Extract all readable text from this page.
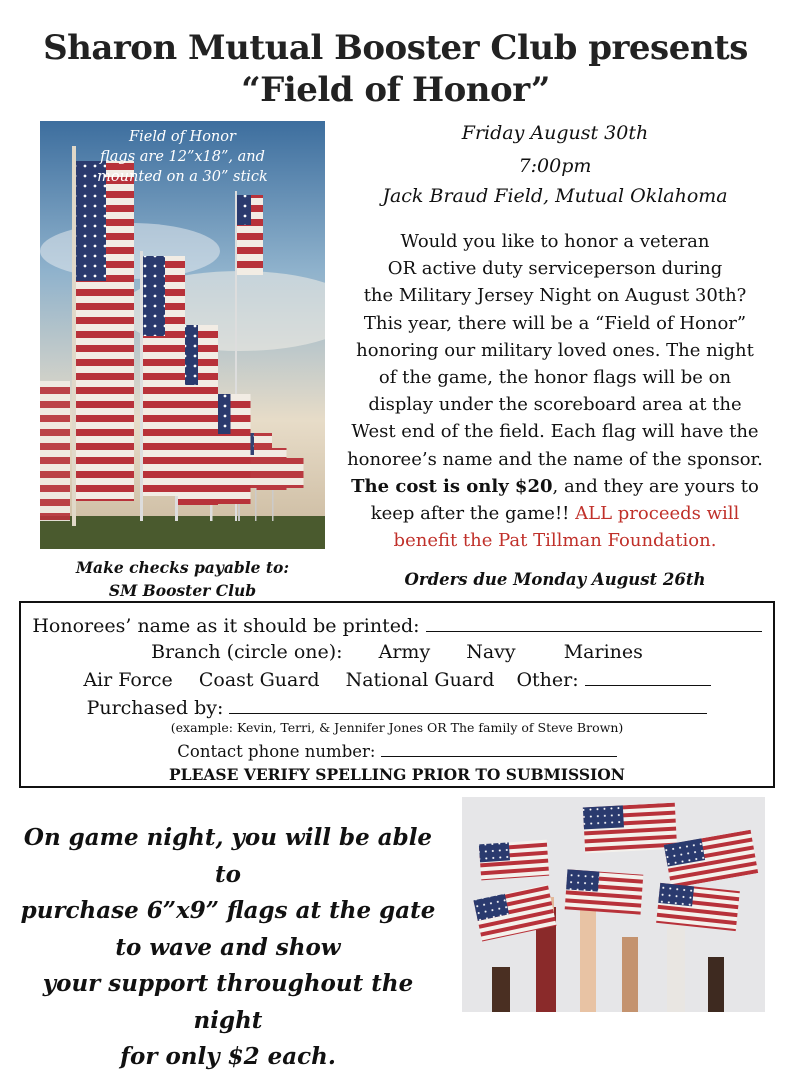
Sharon Mutual Booster Club presents
“Field of Honor”
Field of Honor
flags are 12”x18”, and
mounted on a 30” stick
Friday August 30th
7:00pm
Jack Braud Field, Mutual Oklahoma
Would you like to honor a veteran
OR active duty serviceperson during
the Military Jersey Night on August 30th?
This year, there will be a “Field of Honor”
honoring our military loved ones. The night
of the game, the honor flags will be on
display under the scoreboard area at the
West end of the field. Each flag will have the
honoree’s name and the name of the sponsor.
The cost is only $20, and they are yours to
keep after the game!! ALL proceeds will
benefit the Pat Tillman Foundation.
Make checks payable to:
SM Booster Club
Orders due Monday August 26th
Honorees’ name as it should be printed:
Branch (circle one): Army Navy	Marines
Air Force Coast Guard National Guard Other:
Purchased by:
(example: Kevin, Terri, & Jennifer Jones OR The family of Steve Brown)
Contact phone number:
PLEASE VERIFY SPELLING PRIOR TO SUBMISSION
On game night, you will be able to
purchase 6”x9” flags at the gate
to wave and show
your support throughout the night
for only $2 each.
